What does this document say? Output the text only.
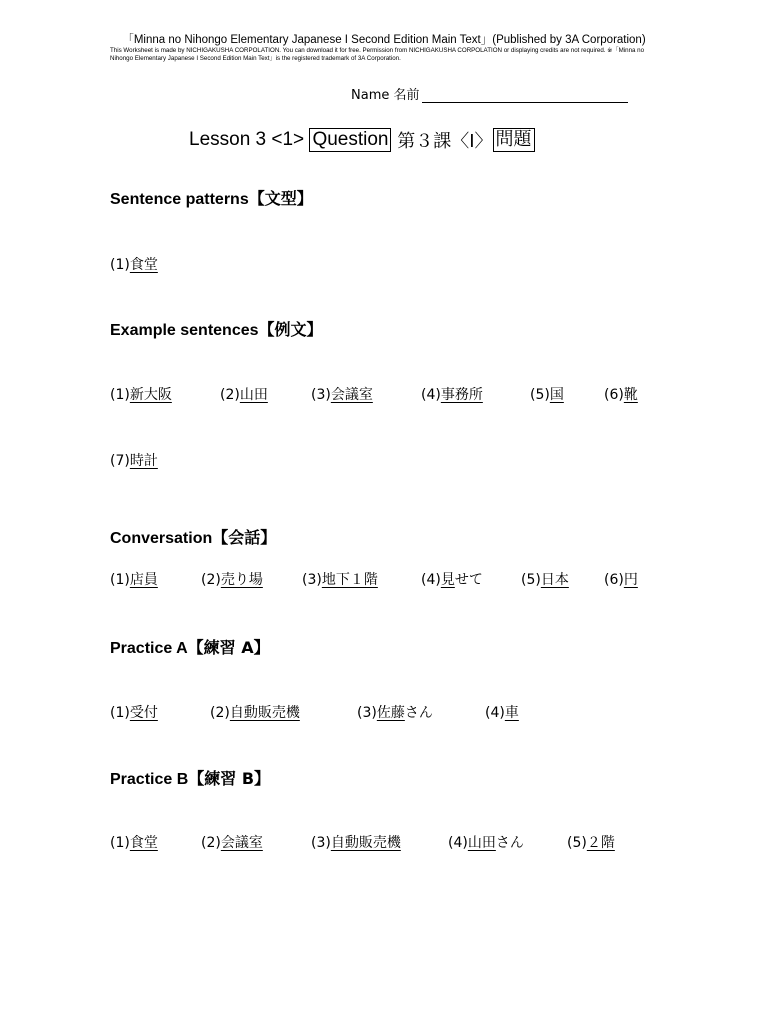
「Minna no Nihongo Elementary Japanese I Second Edition Main Text」(Published by 3A Corporation)
This Worksheet is made by NICHIGAKUSHA CORPOLATION. You can download it for free. Permission from NICHIGAKUSHA CORPOLATION or displaying credits are not required. ※「Minna no Nihongo Elementary Japanese I Second Edition Main Text」is the registered trademark of 3A Corporation.
Name 名前
Lesson 3 <1> Question 第３課〈Ⅰ〉 問題
Sentence patterns【文型】
(1)食堂
Example sentences【例文】
(1)新大阪	(2)山田	(3)会議室	(4)事務所	(5)国	(6)靴
(7)時計
Conversation【会話】
(1)店員	(2)売り場	(3)地下１階	(4)見せて	(5)日本	(6)円
Practice A【練習 A】
(1)受付	(2)自動販売機	(3)佐藤さん	(4)車
Practice B【練習 B】
(1)食堂	(2)会議室	(3)自動販売機	(4)山田さん	(5)２階
